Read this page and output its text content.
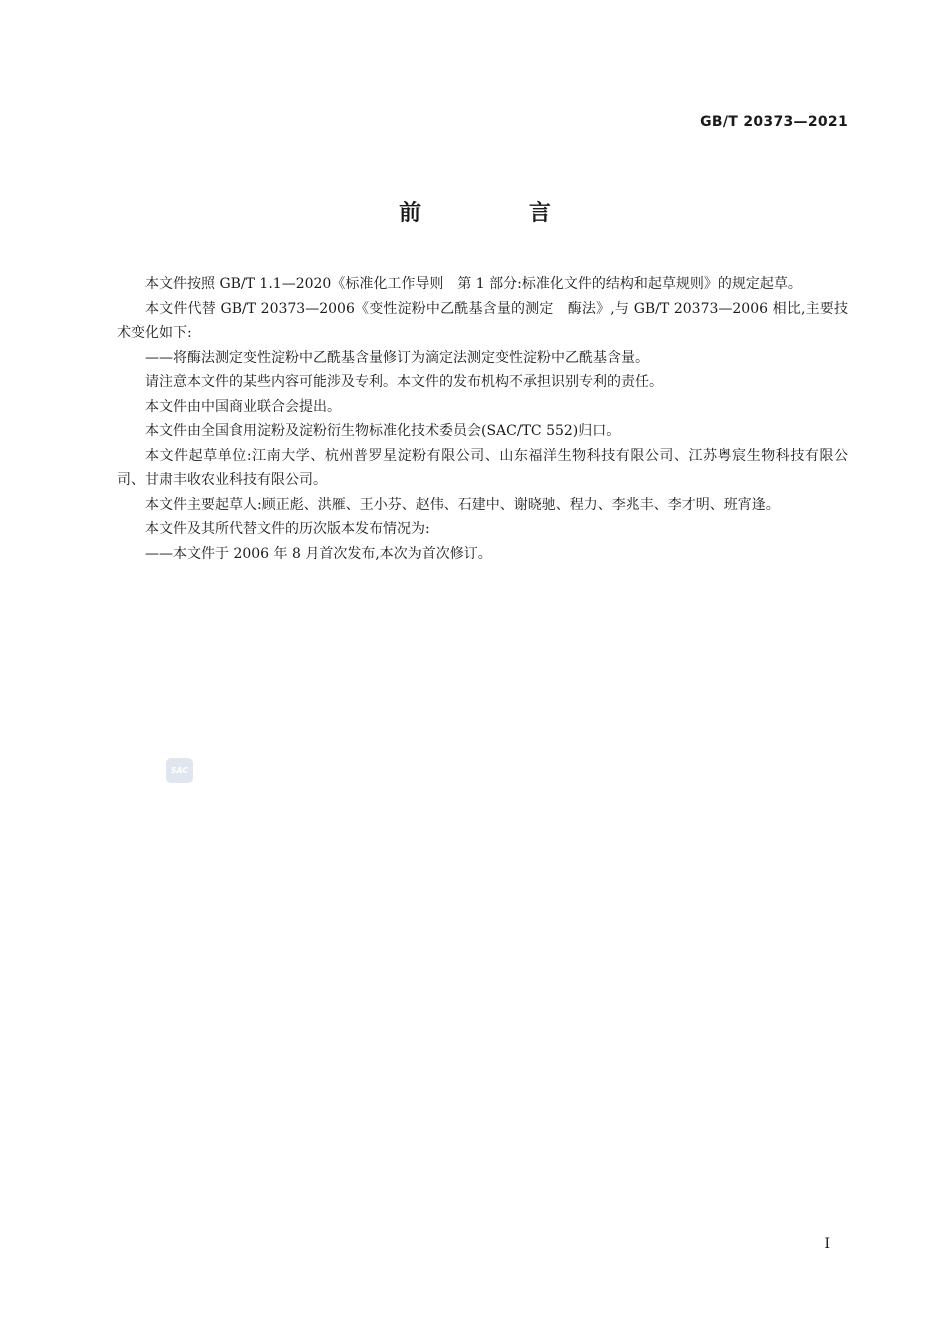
GB/T 20373—2021
前 言

本文件按照 GB/T 1.1—2020《标准化工作导则　第 1 部分:标准化文件的结构和起草规则》的规定起草。

本文件代替 GB/T 20373—2006《变性淀粉中乙酰基含量的测定　酶法》,与 GB/T 20373—2006 相比,主要技术变化如下:

——将酶法测定变性淀粉中乙酰基含量修订为滴定法测定变性淀粉中乙酰基含量。

请注意本文件的某些内容可能涉及专利。本文件的发布机构不承担识别专利的责任。

本文件由中国商业联合会提出。

本文件由全国食用淀粉及淀粉衍生物标准化技术委员会(SAC/TC 552)归口。

本文件起草单位:江南大学、杭州普罗星淀粉有限公司、山东福洋生物科技有限公司、江苏粤宸生物科技有限公司、甘肃丰收农业科技有限公司。

本文件主要起草人:顾正彪、洪雁、王小芬、赵伟、石建中、谢晓驰、程力、李兆丰、李才明、班宵逢。

本文件及其所代替文件的历次版本发布情况为:

——本文件于 2006 年 8 月首次发布,本次为首次修订。

SAC
I
